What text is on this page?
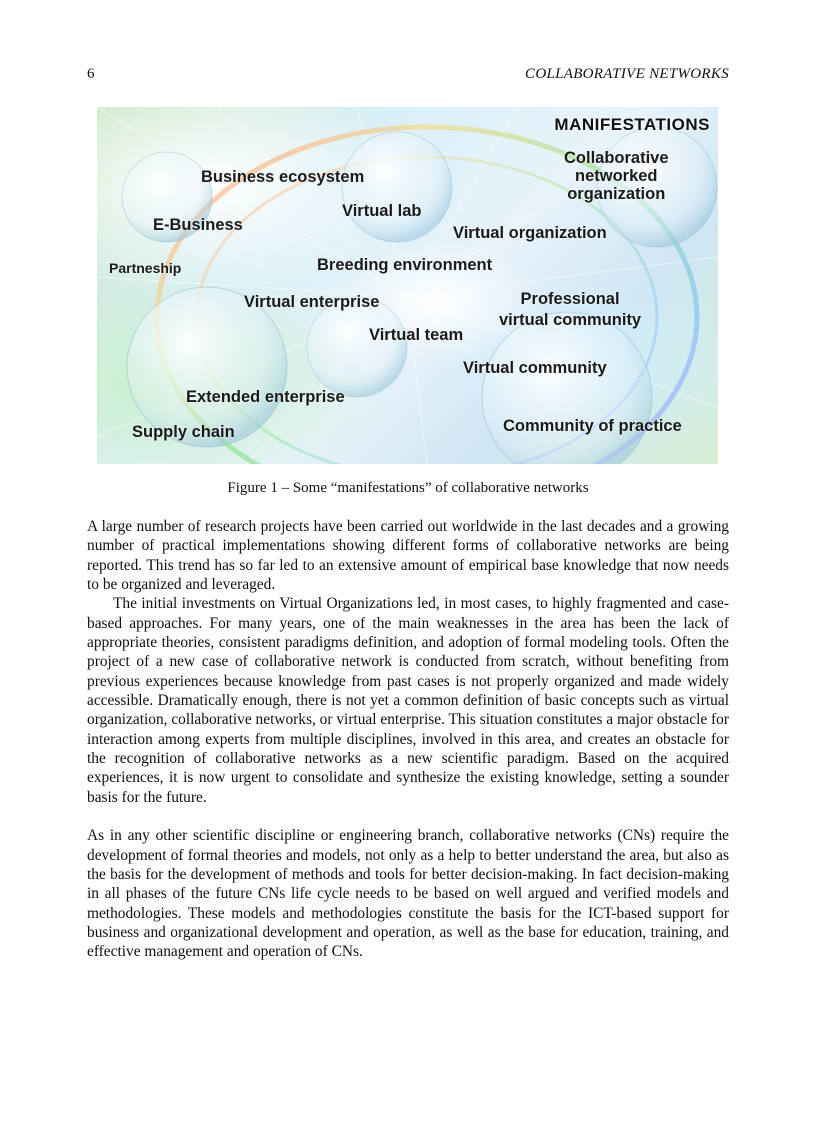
6	COLLABORATIVE NETWORKS
MANIFESTATIONS
Collaborative
networked
organization
Business ecosystem
Virtual lab
E-Business	Virtual organization
Partneship	Breeding environment
Virtual enterprise	Professional
virtual community
Virtual team
Virtual community
Extended enterprise
Supply chain	Community of practice
Figure 1 – Some “manifestations” of collaborative networks

A large number of research projects have been carried out worldwide in the last decades and a growing number of practical implementations showing different forms of collaborative networks are being reported. This trend has so far led to an extensive amount of empirical base knowledge that now needs to be organized and leveraged.

The initial investments on Virtual Organizations led, in most cases, to highly fragmented and case-based approaches. For many years, one of the main weaknesses in the area has been the lack of appropriate theories, consistent paradigms definition, and adoption of formal modeling tools. Often the project of a new case of collaborative network is conducted from scratch, without benefiting from previous experiences because knowledge from past cases is not properly organized and made widely accessible. Dramatically enough, there is not yet a common definition of basic concepts such as virtual organization, collaborative networks, or virtual enterprise. This situation constitutes a major obstacle for interaction among experts from multiple disciplines, involved in this area, and creates an obstacle for the recognition of collaborative networks as a new scientific paradigm. Based on the acquired experiences, it is now urgent to consolidate and synthesize the existing knowledge, setting a sounder basis for the future.

As in any other scientific discipline or engineering branch, collaborative networks (CNs) require the development of formal theories and models, not only as a help to better understand the area, but also as the basis for the development of methods and tools for better decision-making. In fact decision-making in all phases of the future CNs life cycle needs to be based on well argued and verified models and methodologies. These models and methodologies constitute the basis for the ICT-based support for business and organizational development and operation, as well as the base for education, training, and effective management and operation of CNs.
